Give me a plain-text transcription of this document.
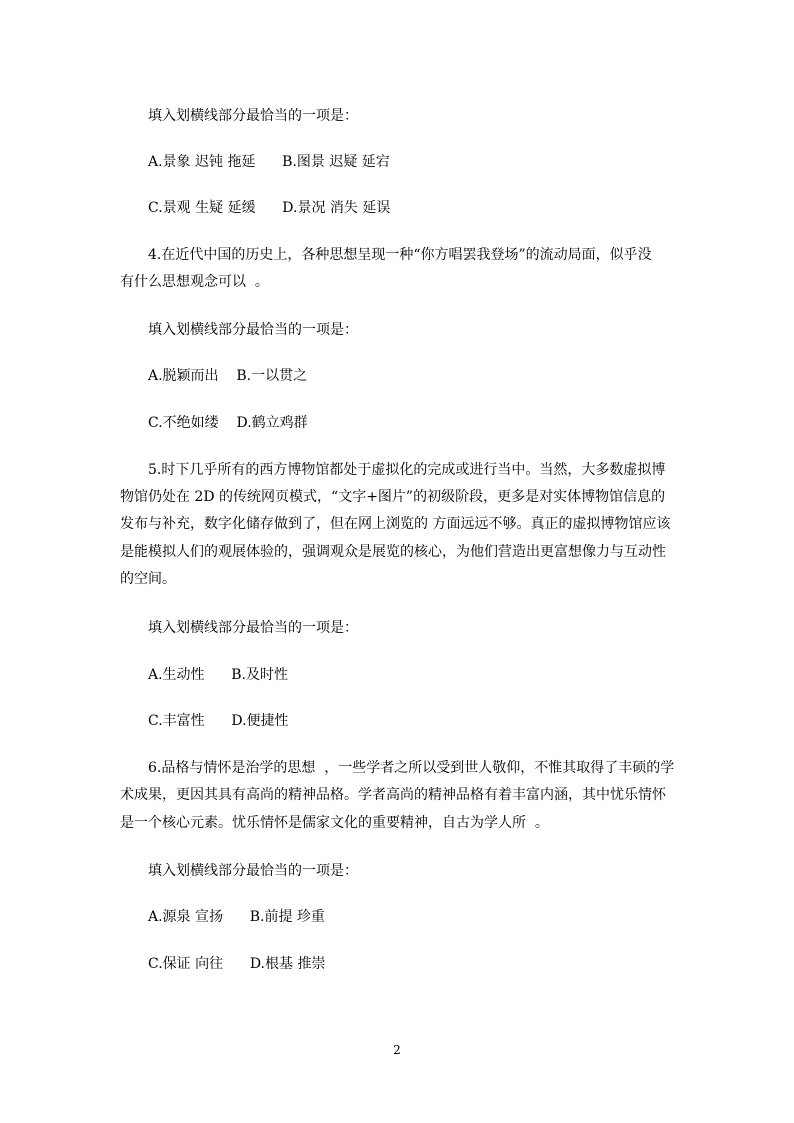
填入划横线部分最恰当的一项是：
A.景象 迟钝 拖延      B.图景 迟疑 延宕
C.景观 生疑 延缓      D.景况 消失 延误
4.在近代中国的历史上，各种思想呈现一种“你方唱罢我登场”的流动局面，似乎没
有什么思想观念可以  。
填入划横线部分最恰当的一项是：
A.脱颖而出    B.一以贯之
C.不绝如缕    D.鹤立鸡群
5.时下几乎所有的西方博物馆都处于虚拟化的完成或进行当中。当然，大多数虚拟博
物馆仍处在 2D 的传统网页模式，“文字+图片”的初级阶段，更多是对实体博物馆信息的
发布与补充，数字化储存做到了，但在网上浏览的 方面远远不够。真正的虚拟博物馆应该
是能模拟人们的观展体验的，强调观众是展览的核心，为他们营造出更富想像力与互动性
的空间。
填入划横线部分最恰当的一项是：
A.生动性      B.及时性
C.丰富性      D.便捷性
6.品格与情怀是治学的思想  ，一些学者之所以受到世人敬仰，不惟其取得了丰硕的学
术成果，更因其具有高尚的精神品格。学者高尚的精神品格有着丰富内涵，其中忧乐情怀
是一个核心元素。忧乐情怀是儒家文化的重要精神，自古为学人所  。
填入划横线部分最恰当的一项是：
A.源泉 宣扬      B.前提 珍重
C.保证 向往      D.根基 推崇
2
